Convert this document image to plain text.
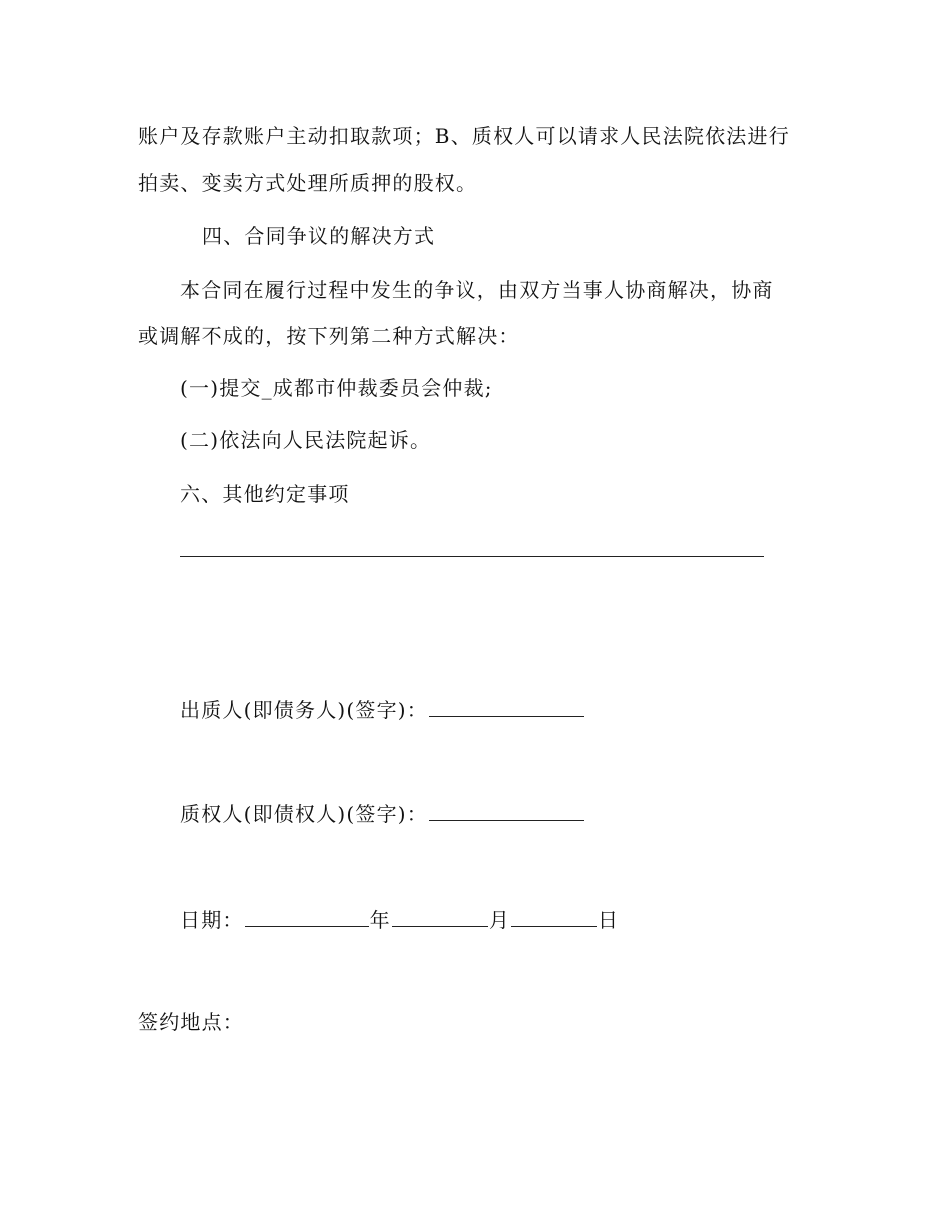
账户及存款账户主动扣取款项；B、质权人可以请求人民法院依法进行
拍卖、变卖方式处理所质押的股权。
四、合同争议的解决方式
本合同在履行过程中发生的争议，由双方当事人协商解决，协商
或调解不成的，按下列第二种方式解决：
(一)提交_成都市仲裁委员会仲裁;
(二)依法向人民法院起诉。
六、其他约定事项
出质人(即债务人)(签字)：
质权人(即债权人)(签字)：
日期：	年	月	日
签约地点：
